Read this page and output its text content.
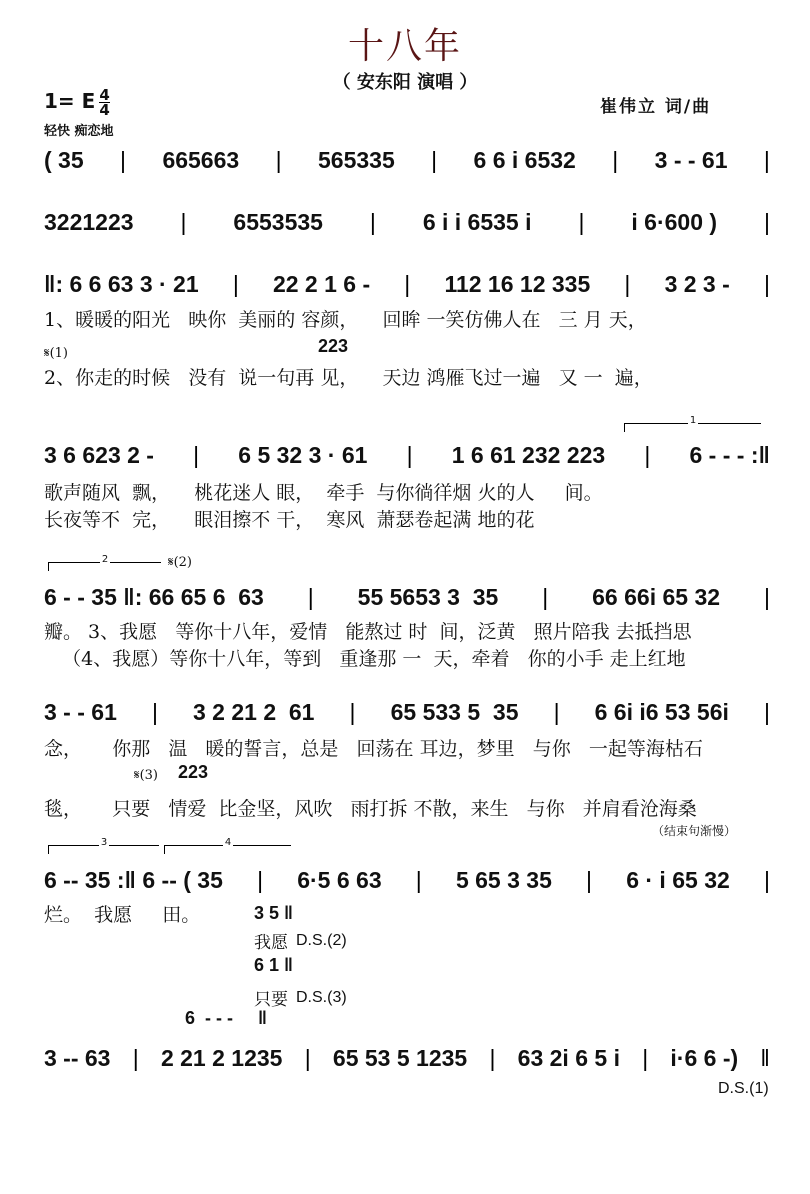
十八年
（ 安东阳 演唱 ）
1= E $\frac{4}{4}$	崔伟立 词/曲
轻快 痴恋地
( 35 | 665663 | 565335 | 6 6 i 6532 | 3 - - 61 |
3221223 | 6553535 | 6 i i 6535 i | i 6·600 ) |
‖: 6 6 63 3 · 21 | 22 2 1 6 - | 112 16 12 335 | 3 2 3 - |
1、暖暖的阳光   映你  美丽的 容颜，    回眸 一笑仿佛人在   三 月 天，
𝄋(1)	223
2、你走的时候   没有  说一句再 见，    天边 鸿雁飞过一遍   又 一  遍，
1
3 6 623 2 - | 6 5 32 3 · 61 | 1 6 61 232 223 | 6 - - - :‖
歌声随风  飘，    桃花迷人 眼，  牵手  与你徜徉烟 火的人     间。
长夜等不  完，    眼泪擦不 干，  寒风  萧瑟卷起满 地的花
2	𝄋(2)
6 - - 35 ‖: 66 65 6  63 | 55 5653 3  35 | 66 66i 65 32 |
瓣。 3、我愿   等你十八年，爱情   能熬过 时  间，泛黄   照片陪我 去抵挡思
（4、我愿）等你十八年，等到   重逢那 一  天，牵着   你的小手 走上红地
3 - - 61 | 3 2 21 2  61 | 65 533 5  35 | 6 6i i6 53 56i |
念，     你那   温   暖的誓言，总是   回荡在 耳边，梦里   与你   一起等海枯石
𝄋(3) 223
毯，     只要   情爱  比金坚，风吹   雨打拆 不散，来生   与你   并肩看沧海桑
（结束句渐慢）
3	4
6 -- 35 :‖ 6 -- ( 35 | 6·5 6 63 | 5 65 3 35 | 6 · i 65 32 |
烂。  我愿     田。	3 5 ‖
我愿 D.S.(2)
6 1 ‖
只要 D.S.(3)
6  - - -     ‖
3 -- 63 | 2 21 2 1235 | 65 53 5 1235 | 63 2i 6 5 i | i·6 6 -) ‖
D.S.(1)
